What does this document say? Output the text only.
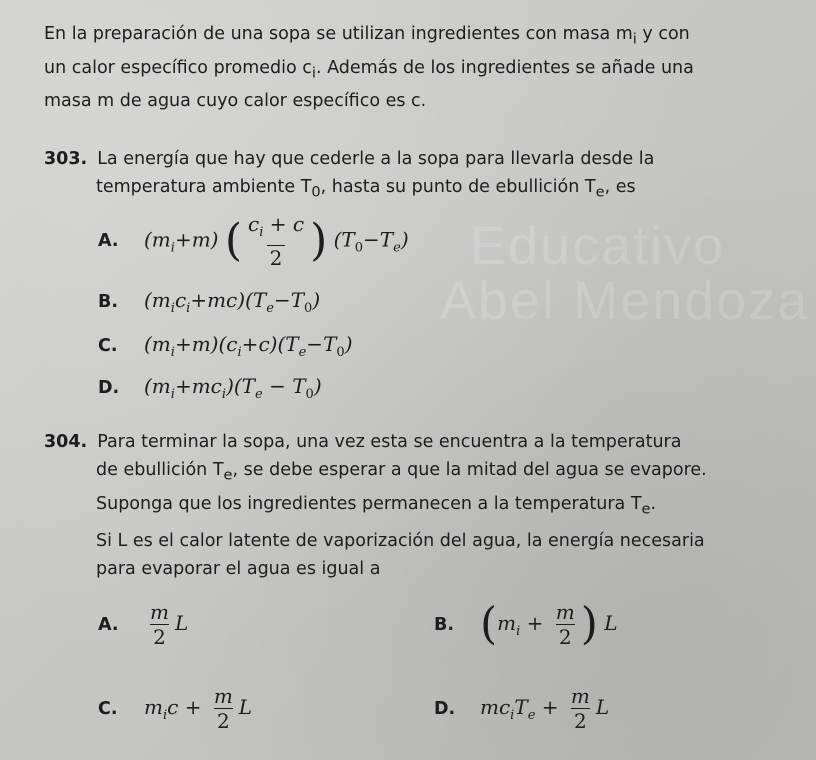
Educativo
Abel Mendoza
En la preparación de una sopa se utilizan ingredientes con masa $m_i$ y con
un calor específico promedio $c_i$. Además de los ingredientes se añade una
masa m de agua cuyo calor específico es c.
303. La energía que hay que cederle a la sopa para llevarla desde la
temperatura ambiente $T_0$, hasta su punto de ebullición $T_e$, es
A.	$(m_i+m)$ ( $\frac{c_i + c}{2}$ ) $(T_0-T_e)$
B.	$(m_ic_i+mc)(T_e-T_0)$
C.	$(m_i+m)(c_i+c)(T_e-T_0)$
D.	$(m_i+mc_i)(T_e - T_0)$
304. Para terminar la sopa, una vez esta se encuentra a la temperatura
de ebullición $T_e$, se debe esperar a que la mitad del agua se evapore.
Suponga que los ingredientes permanecen a la temperatura $T_e$.
Si L es el calor latente de vaporización del agua, la energía necesaria
para evaporar el agua es igual a
A.	$\frac{m}{2}$ L	B. ($m_i + \frac{m}{2}$ ) L
C.	$m_ic + \frac{m}{2}$ L	D.	$mc_iT_e + \frac{m}{2}$ L
